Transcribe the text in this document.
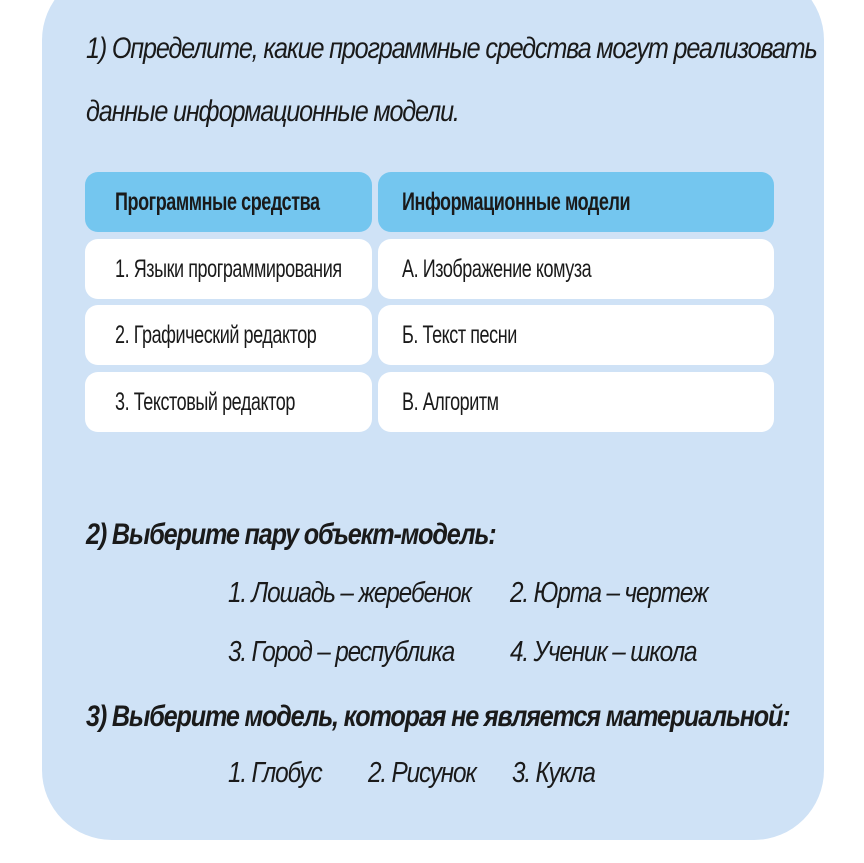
1) Определите, какие программные средства могут реализовать
данные информационные модели.
Программные средства	Информационные модели
1. Языки программирования А. Изображение комуза
2. Графический редактор	Б. Текст песни
3. Текстовый редактор	В. Алгоритм
2) Выберите пару объект-модель:
1. Лошадь – жеребенок 2. Юрта – чертеж
3. Город – республика 4. Ученик – школа
3) Выберите модель, которая не является материальной:
1. Глобус 2. Рисунок 3. Кукла
